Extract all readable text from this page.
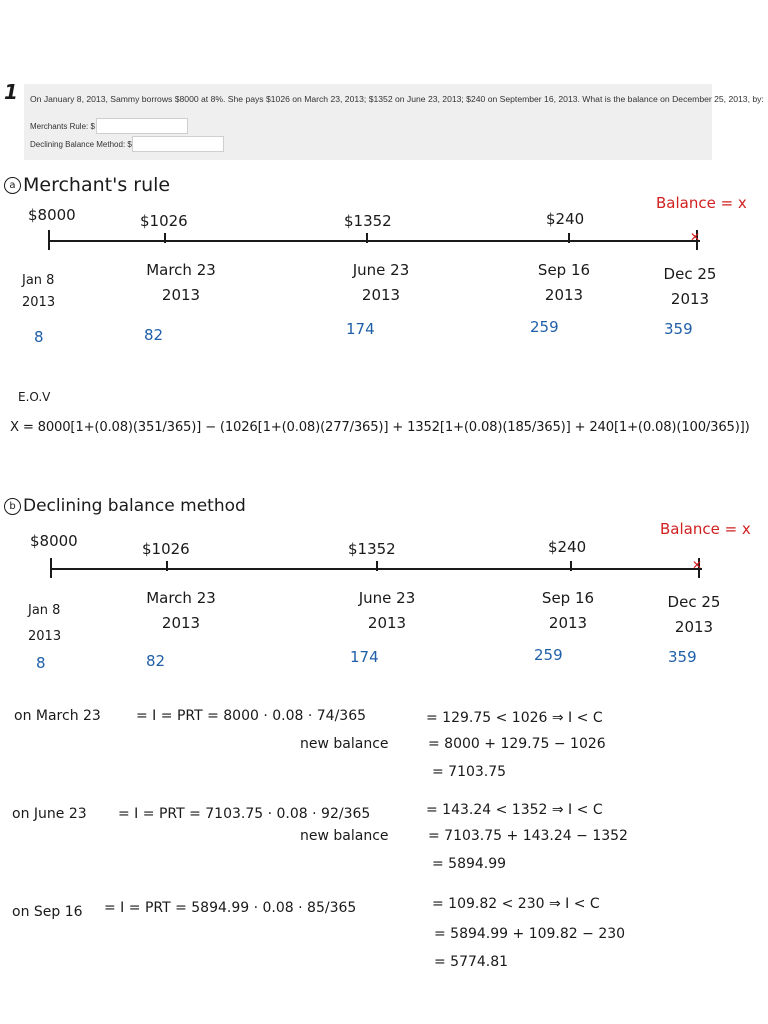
1 On January 8, 2013, Sammy borrows $8000 at 8%. She pays $1026 on March 23, 2013; $1352 on June 23, 2013; $240 on September 16, 2013. What is the balance on December 25, 2013, by:
Merchants Rule: $
Declining Balance Method: $
a Merchant's rule
Balance = x
✕
$8000	$1026	$1352	$240
Jan 8
2013
March 23
2013
June 23
2013
Sep 16
2013
Dec 25
2013
8	82	174	259	359
E.O.V
X = 8000[1+(0.08)(351/365)] − (1026[1+(0.08)(277/365)] + 1352[1+(0.08)(185/365)] + 240[1+(0.08)(100/365)])
b Declining balance method
Balance = x
✕
$8000	$1026	$1352	$240
Jan 8
2013
March 23
2013
June 23
2013
Sep 16
2013
Dec 25
2013
8	82	174	259	359
on March 23	= I = PRT = 8000 · 0.08 · 74/365	= 129.75 < 1026 ⇒ I < C
new balance	= 8000 + 129.75 − 1026
= 7103.75
on June 23 = I = PRT = 7103.75 · 0.08 · 92/365	= 143.24 < 1352 ⇒ I < C
new balance	= 7103.75 + 143.24 − 1352
= 5894.99
on Sep 16 = I = PRT = 5894.99 · 0.08 · 85/365	= 109.82 < 230 ⇒ I < C
= 5894.99 + 109.82 − 230
= 5774.81
